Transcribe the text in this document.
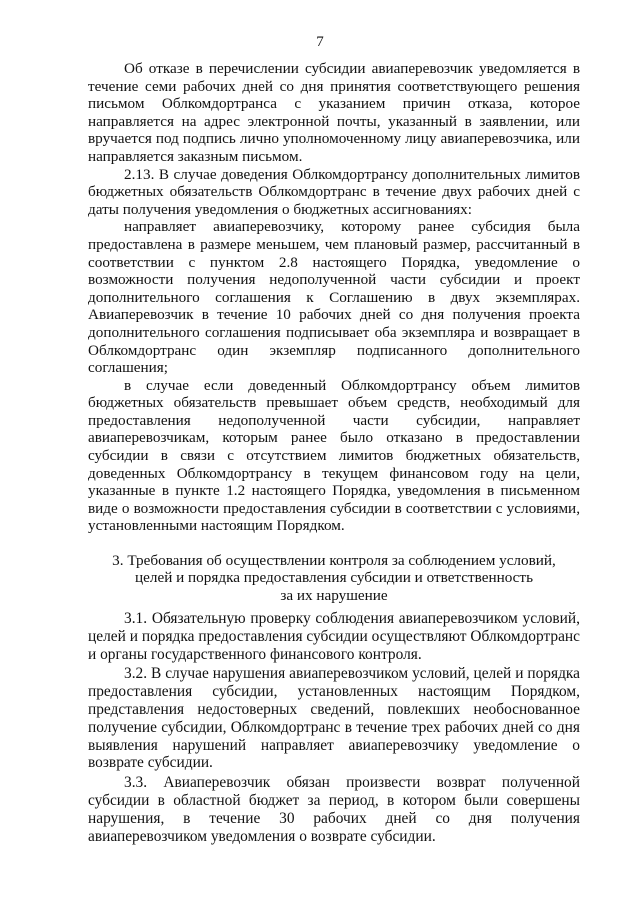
7

Об отказе в перечислении субсидии авиаперевозчик уведомляется в течение семи рабочих дней со дня принятия соответствующего решения письмом Облкомдортранса с указанием причин отказа, которое направляется на адрес электронной почты, указанный в заявлении, или вручается под подпись лично уполномоченному лицу авиаперевозчика, или направляется заказным письмом.

2.13. В случае доведения Облкомдортрансу дополнительных лимитов бюджетных обязательств Облкомдортранс в течение двух рабочих дней с даты получения уведомления о бюджетных ассигнованиях:

направляет авиаперевозчику, которому ранее субсидия была предоставлена в размере меньшем, чем плановый размер, рассчитанный в соответствии с пунктом 2.8 настоящего Порядка, уведомление о возможности получения недополученной части субсидии и проект дополнительного соглашения к Соглашению в двух экземплярах. Авиаперевозчик в течение 10 рабочих дней со дня получения проекта дополнительного соглашения подписывает оба экземпляра и возвращает в Облкомдортранс один экземпляр подписанного дополнительного соглашения;

в случае если доведенный Облкомдортрансу объем лимитов бюджетных обязательств превышает объем средств, необходимый для предоставления недополученной части субсидии, направляет авиаперевозчикам, которым ранее было отказано в предоставлении субсидии в связи с отсутствием лимитов бюджетных обязательств, доведенных Облкомдортрансу в текущем финансовом году на цели, указанные в пункте 1.2 настоящего Порядка, уведомления в письменном виде о возможности предоставления субсидии в соответствии с условиями, установленными настоящим Порядком.

3. Требования об осуществлении контроля за соблюдением условий,
целей и порядка предоставления субсидии и ответственность
за их нарушение

3.1. Обязательную проверку соблюдения авиаперевозчиком условий, целей и порядка предоставления субсидии осуществляют Облкомдортранс и органы государственного финансового контроля.

3.2. В случае нарушения авиаперевозчиком условий, целей и порядка предоставления субсидии, установленных настоящим Порядком, представления недостоверных сведений, повлекших необоснованное получение субсидии, Облкомдортранс в течение трех рабочих дней со дня выявления нарушений направляет авиаперевозчику уведомление о возврате субсидии.

3.3. Авиаперевозчик обязан произвести возврат полученной субсидии в областной бюджет за период, в котором были совершены нарушения, в течение 30 рабочих дней со дня получения авиаперевозчиком уведомления о возврате субсидии.
